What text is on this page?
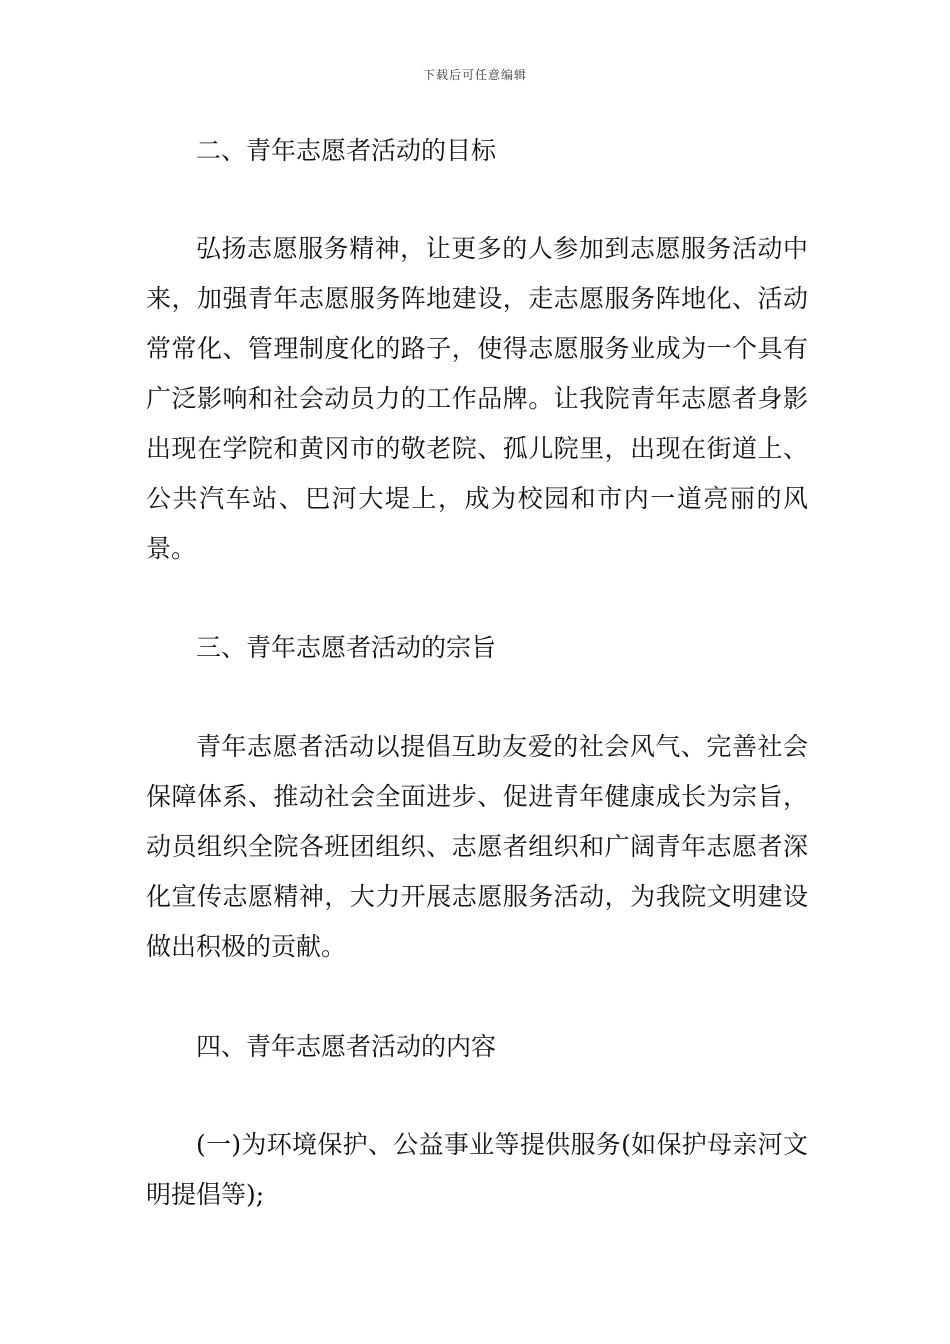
下载后可任意编辑

二、青年志愿者活动的目标

弘扬志愿服务精神，让更多的人参加到志愿服务活动中来，加强青年志愿服务阵地建设，走志愿服务阵地化、活动常常化、管理制度化的路子，使得志愿服务业成为一个具有广泛影响和社会动员力的工作品牌。让我院青年志愿者身影出现在学院和黄冈市的敬老院、孤儿院里，出现在街道上、公共汽车站、巴河大堤上，成为校园和市内一道亮丽的风景。

三、青年志愿者活动的宗旨

青年志愿者活动以提倡互助友爱的社会风气、完善社会保障体系、推动社会全面进步、促进青年健康成长为宗旨，动员组织全院各班团组织、志愿者组织和广阔青年志愿者深化宣传志愿精神，大力开展志愿服务活动，为我院文明建设做出积极的贡献。

四、青年志愿者活动的内容

(一)为环境保护、公益事业等提供服务(如保护母亲河文明提倡等);
